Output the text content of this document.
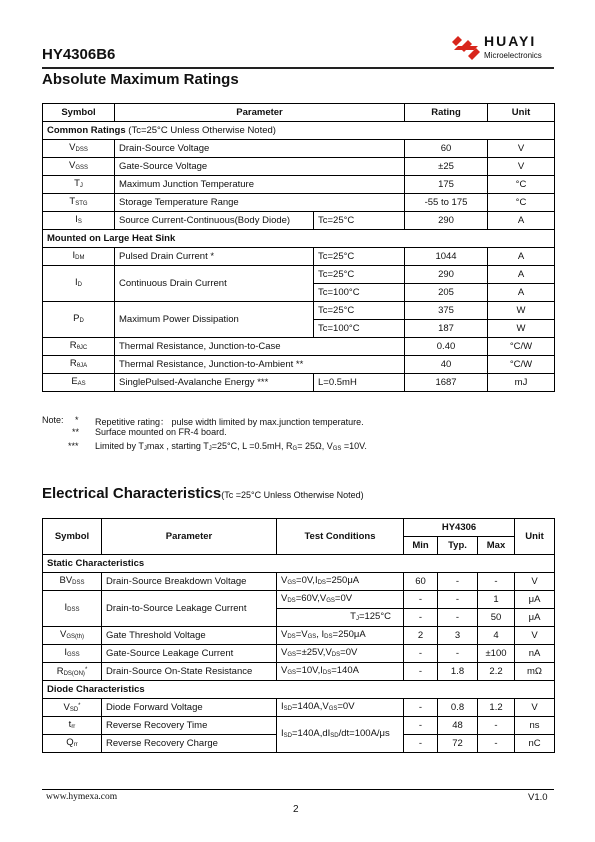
HY4306B6
HUAYI
Microelectronics
Absolute Maximum Ratings
Symbol	Parameter		Rating	Unit
Common Ratings (Tc=25°C Unless Otherwise Noted)				
VDSS	Drain-Source Voltage		60	V
VGSS	Gate-Source Voltage		±25	V
TJ	Maximum Junction Temperature		175	°C
TSTG	Storage Temperature Range		-55 to 175	°C
IS	Source Current-Continuous(Body Diode)	Tc=25°C	290	A
Mounted on Large Heat Sink				
IDM	Pulsed Drain Current *	Tc=25°C	1044	A
ID	Continuous Drain Current	Tc=25°C	290	A
		Tc=100°C	205	A
PD	Maximum Power Dissipation	Tc=25°C	375	W
		Tc=100°C	187	W
RθJC	Thermal Resistance, Junction-to-Case		0.40	°C/W
RθJA	Thermal Resistance, Junction-to-Ambient **		40	°C/W
EAS	SinglePulsed-Avalanche Energy ***	L=0.5mH	1687	mJ
Note: * Repetitive rating： pulse width limited by max.junction temperature.
** Surface mounted on FR-4 board.
*** Limited by TJmax , starting TJ=25°C, L =0.5mH, RG= 25Ω, VGS =10V.
Electrical Characteristics(Tc =25°C Unless Otherwise Noted)
Symbol	Parameter	Test Conditions	HY4306			Unit
			Min	Typ.	Max	
Static Characteristics						
BVDSS	Drain-Source Breakdown Voltage	VGS=0V,IDS=250μA	60	-	-	V
IDSS	Drain-to-Source Leakage Current	VDS=60V,VGS=0V	-	-	1	μA
		TJ=125°C	-	-	50	μA
VGS(th)	Gate Threshold Voltage	VDS=VGS, IDS=250μA	2	3	4	V
IGSS	Gate-Source Leakage Current	VGS=±25V,VDS=0V	-	-	±100	nA
RDS(ON)*	Drain-Source On-State Resistance	VGS=10V,IDS=140A	-	1.8	2.2	mΩ
Diode Characteristics						
VSD*	Diode Forward Voltage	ISD=140A,VGS=0V	-	0.8	1.2	V
trr	Reverse Recovery Time	ISD=140A,dISD/dt=100A/μs	-	48	-	ns
Qrr	Reverse Recovery Charge		-	72	-	nC
www.hymexa.com	V1.0
2
